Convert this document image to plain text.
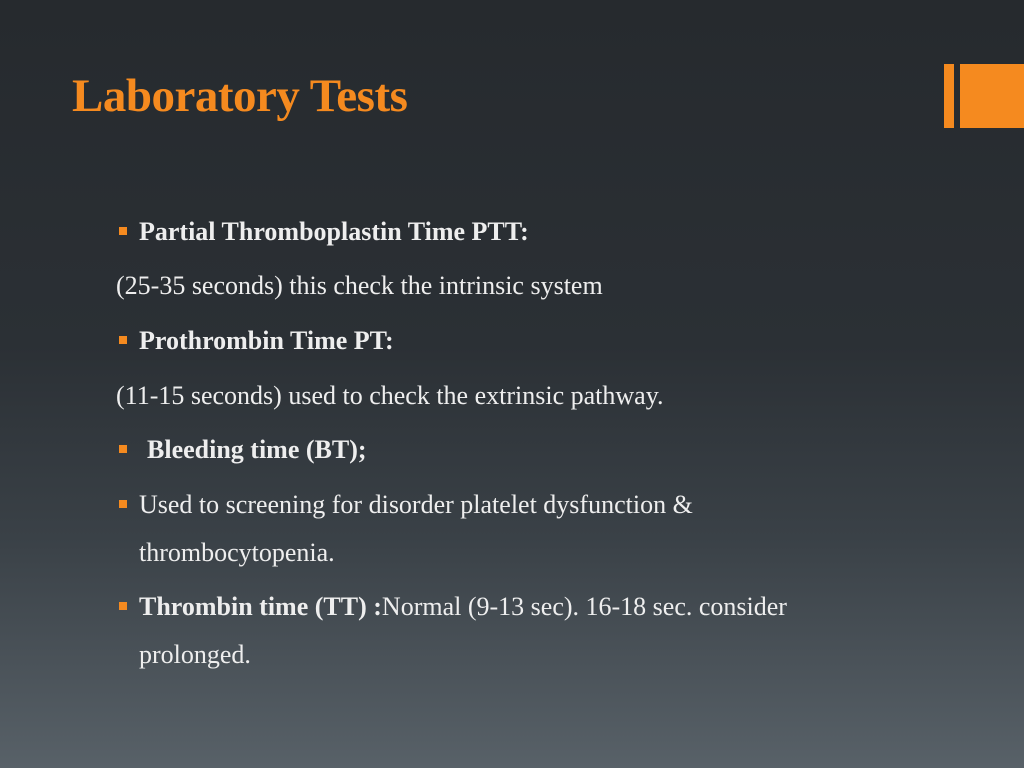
Laboratory Tests
Partial Thromboplastin Time PTT:
(25-35 seconds) this check the intrinsic system
Prothrombin Time PT:
(11-15 seconds) used to check the extrinsic pathway.
Bleeding time (BT);
Used to screening for disorder platelet dysfunction &
thrombocytopenia.
Thrombin time (TT) :Normal (9-13 sec). 16-18 sec. consider
prolonged.
